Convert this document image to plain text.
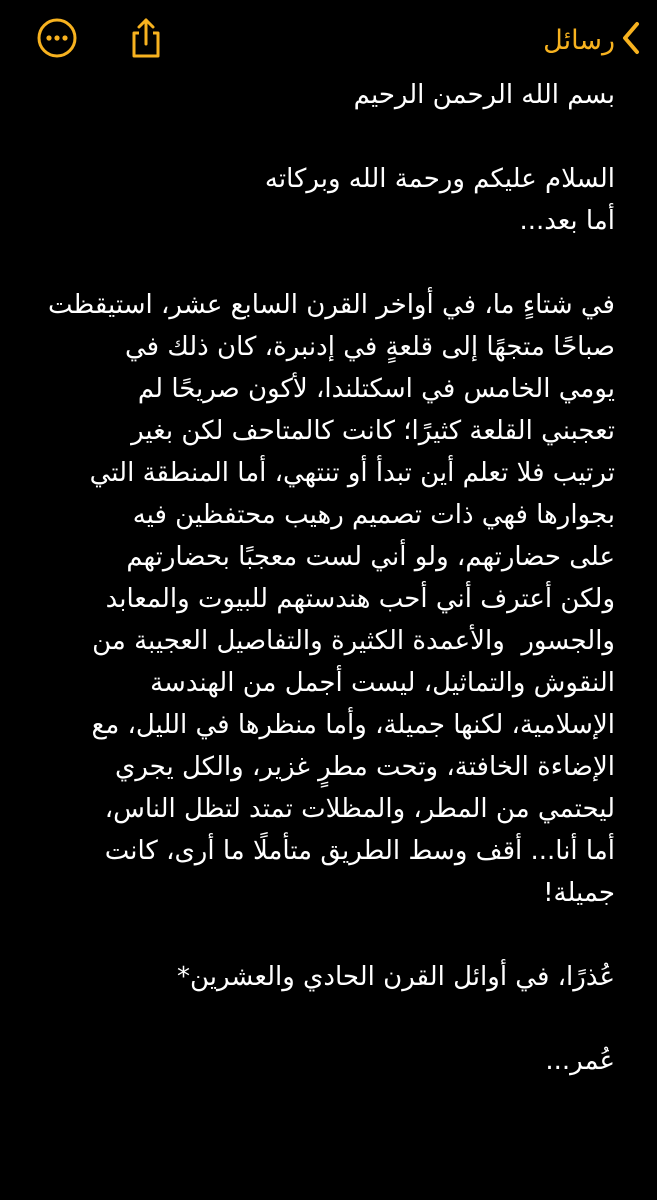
رسائل
بسم الله الرحمن الرحيم
السلام عليكم ورحمة الله وبركاته
أما بعد...
في شتاءٍ ما، في أواخر القرن السابع عشر، استيقظت
صباحًا متجهًا إلى قلعةٍ في إدنبرة، كان ذلك في
يومي الخامس في اسكتلندا، لأكون صريحًا لم
تعجبني القلعة كثيرًا؛ كانت كالمتاحف لكن بغير
ترتيب فلا تعلم أين تبدأ أو تنتهي، أما المنطقة التي
بجوارها فهي ذات تصميم رهيب محتفظين فيه
على حضارتهم، ولو أني لست معجبًا بحضارتهم
ولكن أعترف أني أحب هندستهم للبيوت والمعابد
والجسور  والأعمدة الكثيرة والتفاصيل العجيبة من
النقوش والتماثيل، ليست أجمل من الهندسة
الإسلامية، لكنها جميلة، وأما منظرها في الليل، مع
الإضاءة الخافتة، وتحت مطرٍ غزير، والكل يجري
ليحتمي من المطر، والمظلات تمتد لتظل الناس،
أما أنا... أقف وسط الطريق متأملًا ما أرى، كانت
جميلة!
عُذرًا، في أوائل القرن الحادي والعشرين*
عُمر...
